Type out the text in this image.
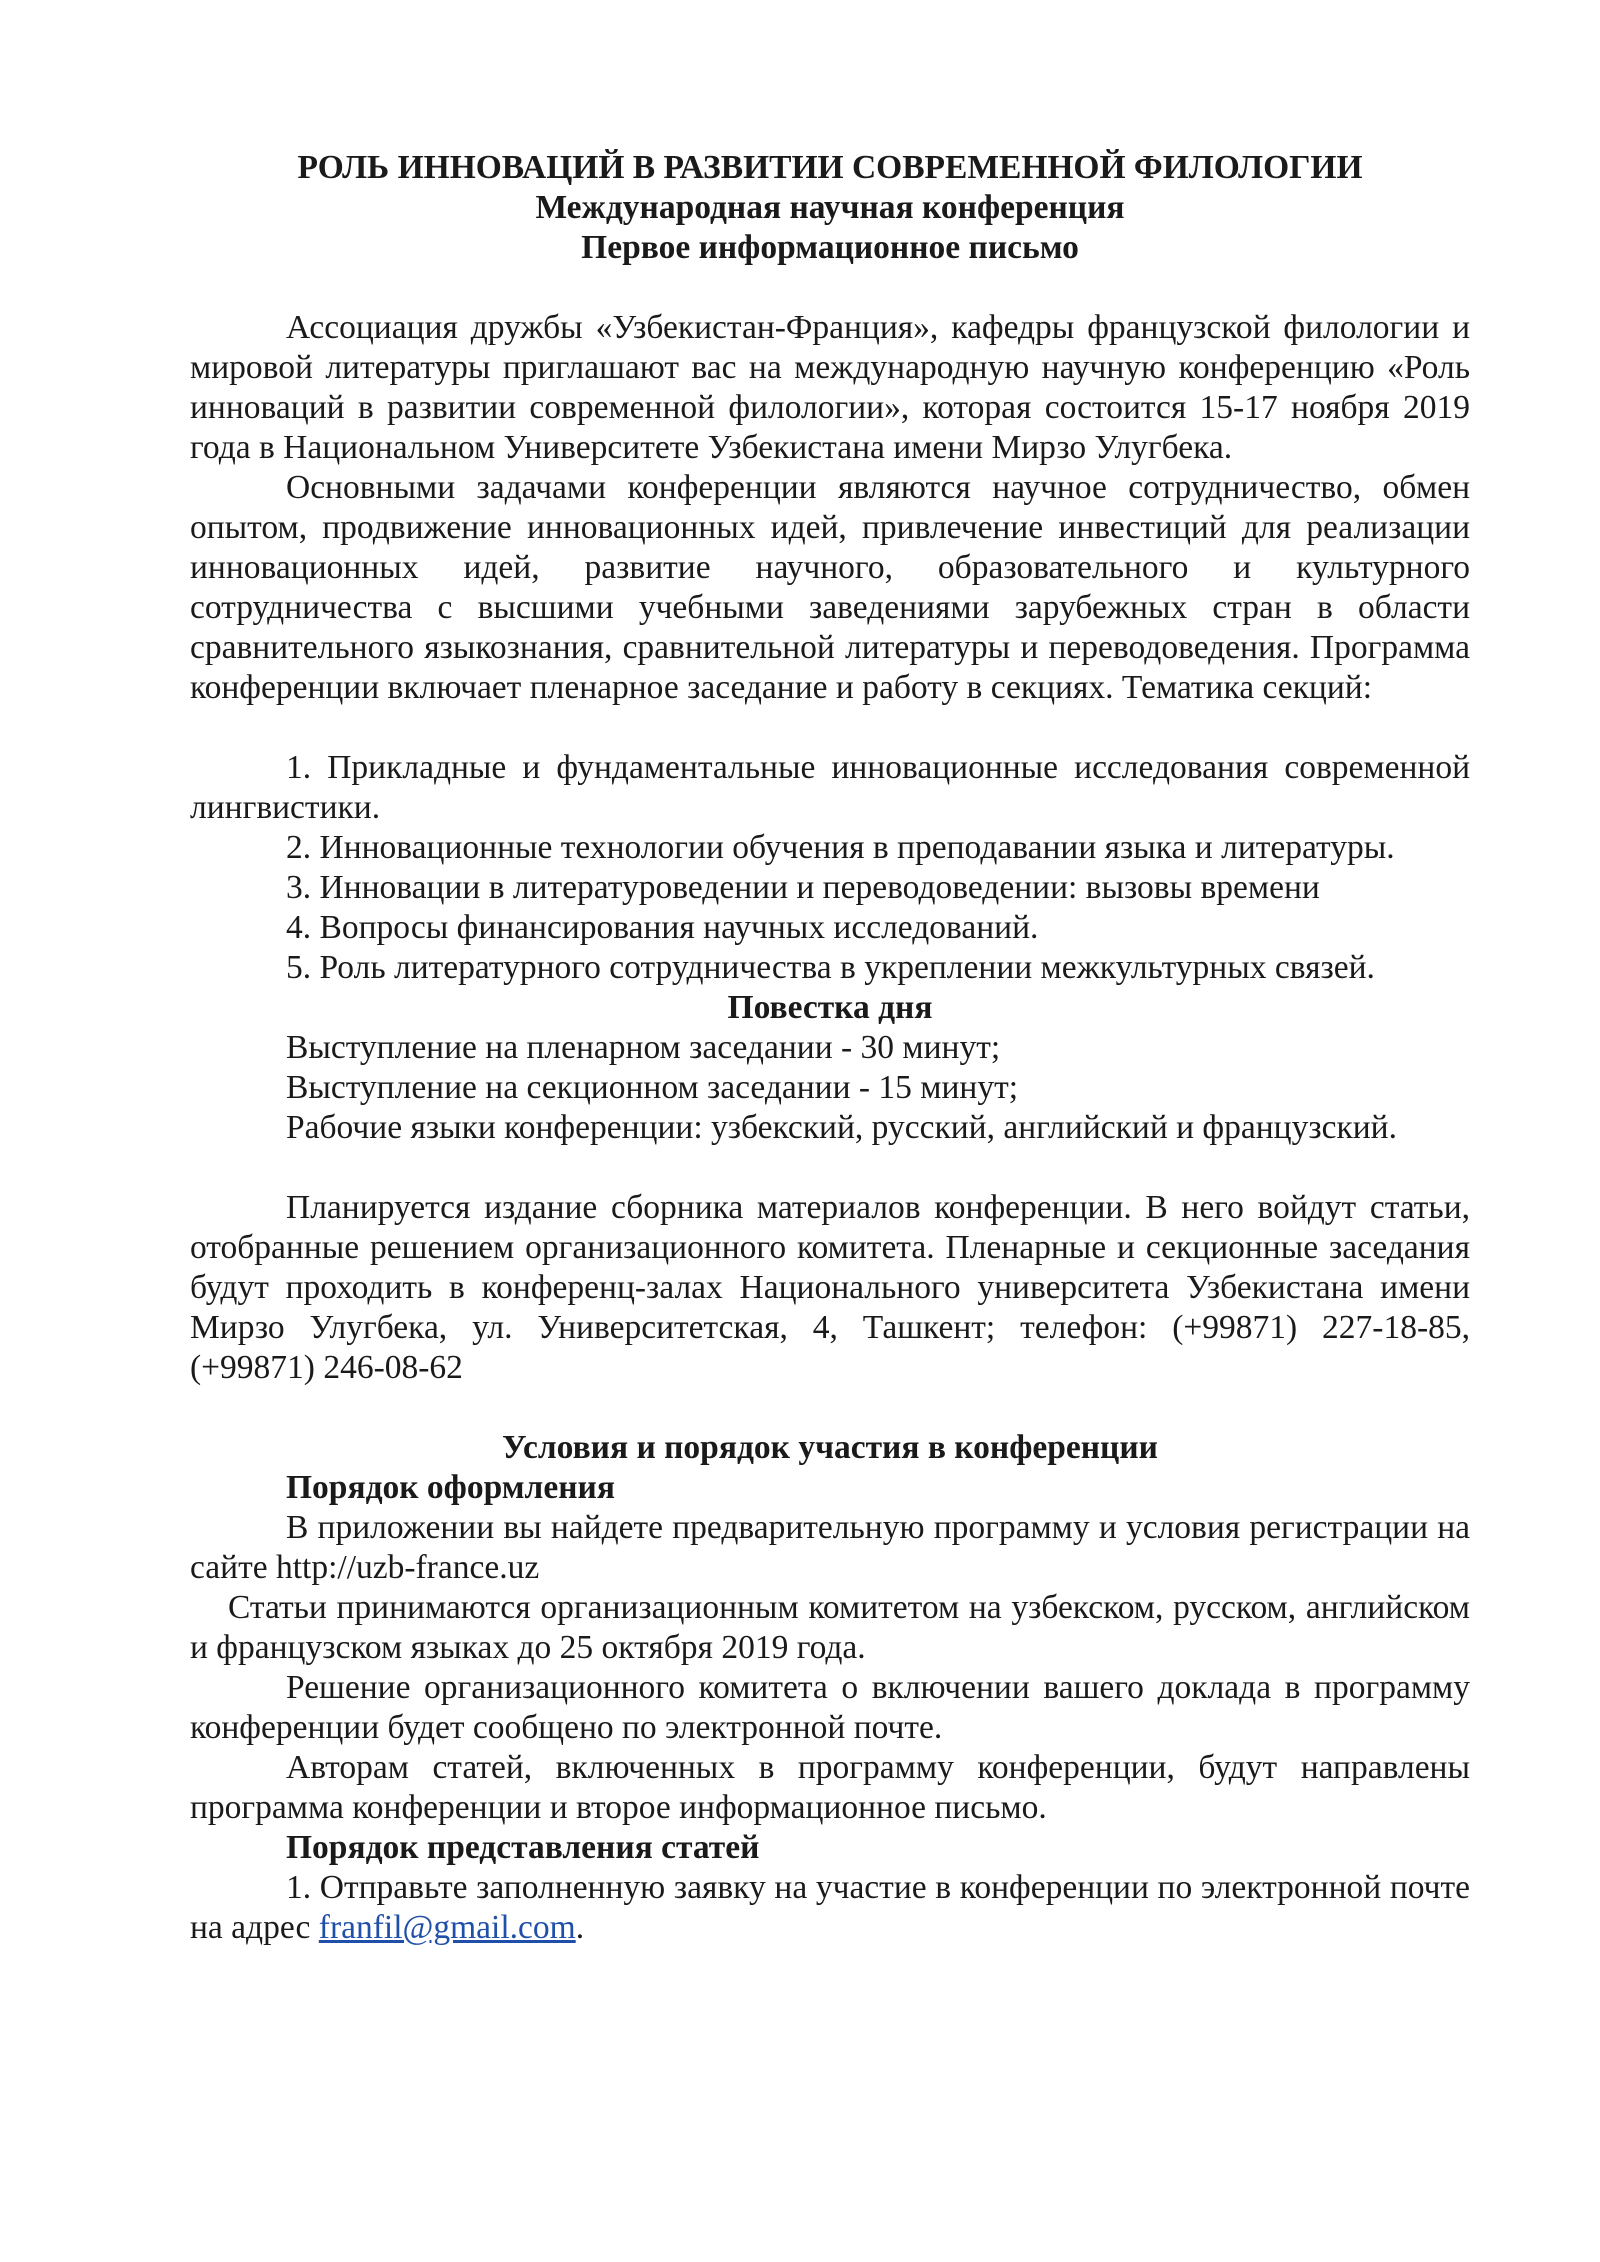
РОЛЬ ИННОВАЦИЙ В РАЗВИТИИ СОВРЕМЕННОЙ ФИЛОЛОГИИ

Международная научная конференция

Первое информационное письмо

Ассоциация дружбы «Узбекистан-Франция», кафедры французской филологии и мировой литературы приглашают вас на международную научную конференцию «Роль инноваций в развитии современной филологии», которая состоится 15-17 ноября 2019 года в Национальном Университете Узбекистана имени Мирзо Улугбека.

Основными задачами конференции являются научное сотрудничество, обмен опытом, продвижение инновационных идей, привлечение инвестиций для реализации инновационных идей, развитие научного, образовательного и культурного сотрудничества с высшими учебными заведениями зарубежных стран в области сравнительного языкознания, сравнительной литературы и переводоведения. Программа конференции включает пленарное заседание и работу в секциях. Тематика секций:

1. Прикладные и фундаментальные инновационные исследования современной лингвистики.

2. Инновационные технологии обучения в преподавании языка и литературы.

3. Инновации в литературоведении и переводоведении: вызовы времени

4. Вопросы финансирования научных исследований.

5. Роль литературного сотрудничества в укреплении межкультурных связей.

Повестка дня

Выступление на пленарном заседании - 30 минут;

Выступление на секционном заседании - 15 минут;

Рабочие языки конференции: узбекский, русский, английский и французский.

Планируется издание сборника материалов конференции. В него войдут статьи, отобранные решением организационного комитета. Пленарные и секционные заседания будут проходить в конференц-залах Национального университета Узбекистана имени Мирзо Улугбека, ул. Университетская, 4, Ташкент; телефон: (+99871) 227-18-85, (+99871) 246-08-62

Условия и порядок участия в конференции

Порядок оформления

В приложении вы найдете предварительную программу и условия регистрации на сайте http://uzb-france.uz

Статьи принимаются организационным комитетом на узбекском, русском, английском и французском языках до 25 октября 2019 года.

Решение организационного комитета о включении вашего доклада в программу конференции будет сообщено по электронной почте.

Авторам статей, включенных в программу конференции, будут направлены программа конференции и второе информационное письмо.

Порядок представления статей

1. Отправьте заполненную заявку на участие в конференции по электронной почте на адрес franfil@gmail.com.
